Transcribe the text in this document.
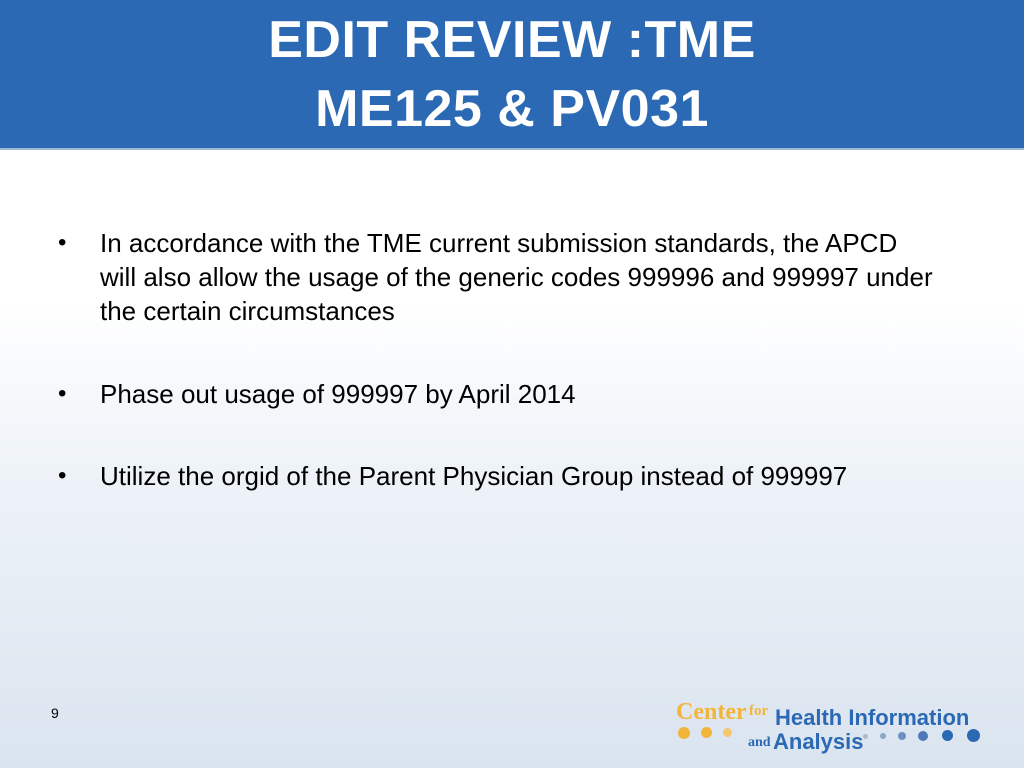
EDIT REVIEW :TME
ME125 & PV031
• In accordance with the TME current submission standards, the APCD will also allow the usage of the generic codes 999996 and 999997 under the certain circumstances
• Phase out usage of 999997 by April 2014
• Utilize the orgid of the Parent Physician Group instead of 999997
9	Center for Health Information
and Analysis
